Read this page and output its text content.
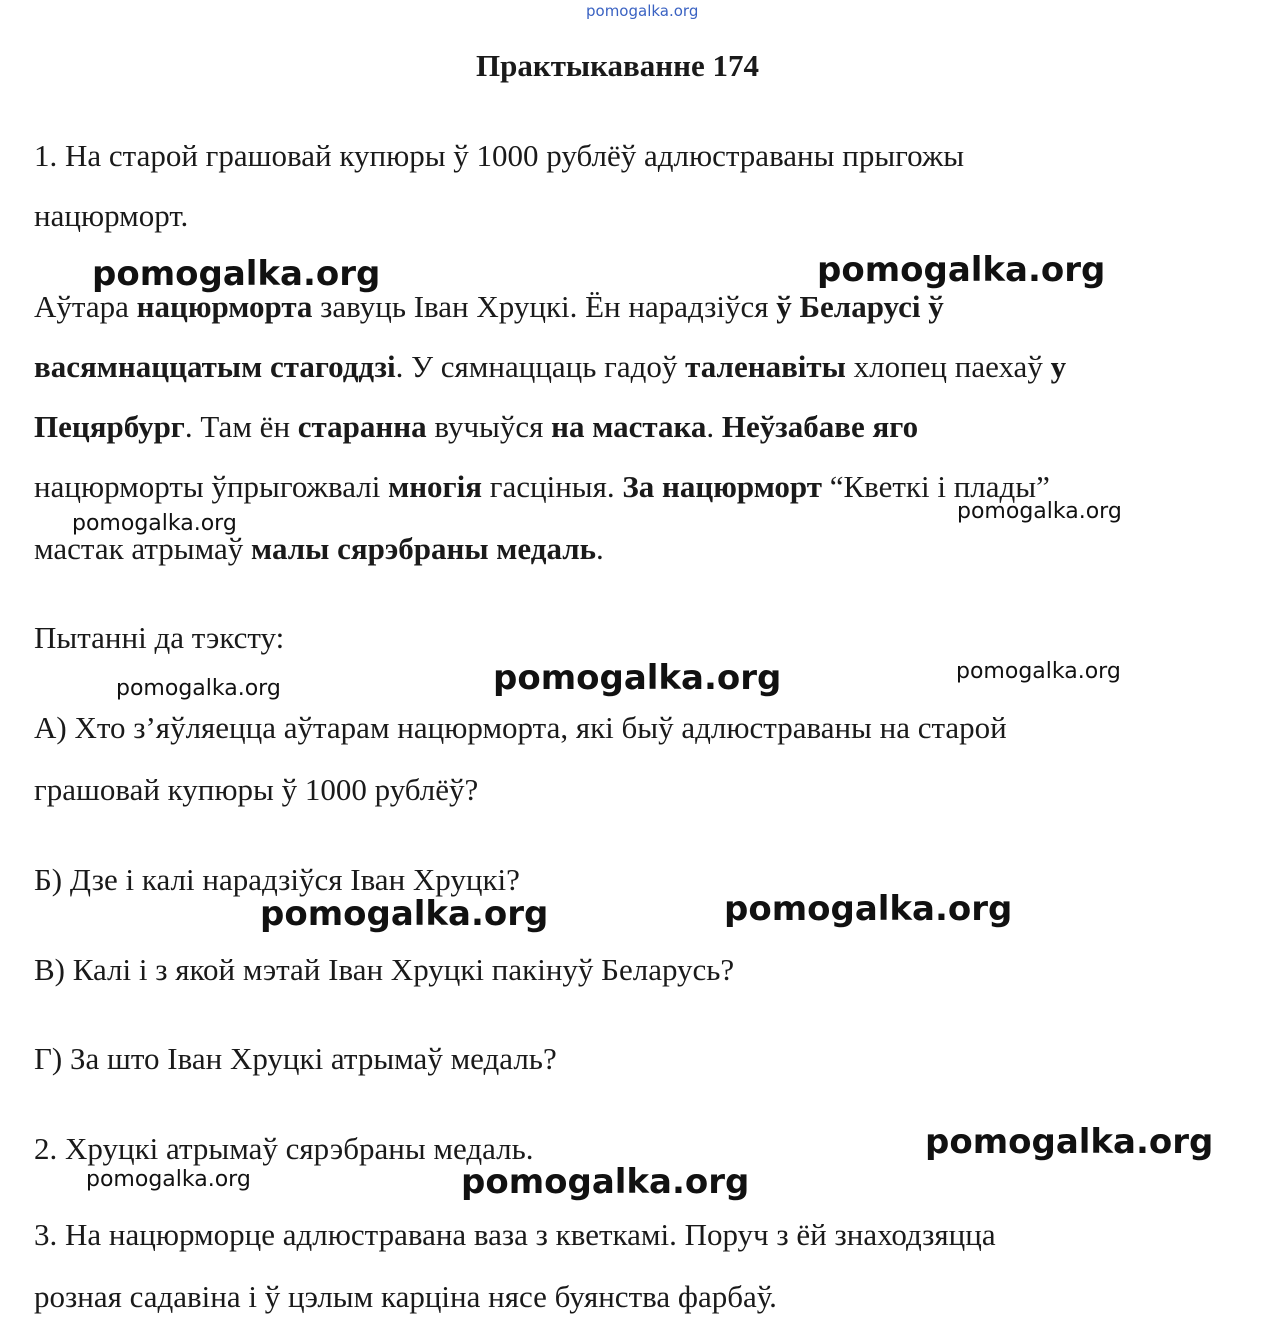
pomogalka.org
Практыкаванне 174
1. На старой грашовай купюры ў 1000 рублёў адлюстраваны прыгожы
нацюрморт.
Аўтара нацюрморта завуць Іван Хруцкі. Ён нарадзіўся ў Беларусі ў
васямнаццатым стагоддзі. У сямнаццаць гадоў таленавіты хлопец паехаў у
Пецярбург. Там ён старанна вучыўся на мастака. Неўзабаве яго
нацюрморты ўпрыгожвалі многія гасціныя. За нацюрморт “Кветкі і плады”
мастак атрымаў малы сярэбраны медаль.
Пытанні да тэксту:
А) Хто з’яўляецца аўтарам нацюрморта, які быў адлюстраваны на старой
грашовай купюры ў 1000 рублёў?
Б) Дзе і калі нарадзіўся Іван Хруцкі?
В) Калі і з якой мэтай Іван Хруцкі пакінуў Беларусь?
Г) За што Іван Хруцкі атрымаў медаль?
2. Хруцкі атрымаў сярэбраны медаль.
3. На нацюрморце адлюстравана ваза з кветкамі. Поруч з ёй знаходзяцца
розная садавіна і ў цэлым карціна нясе буянства фарбаў.
pomogalka.org	pomogalka.org
pomogalka.org	pomogalka.org
pomogalka.org	pomogalka.org	pomogalka.org
pomogalka.org	pomogalka.org
pomogalka.org
pomogalka.org	pomogalka.org
